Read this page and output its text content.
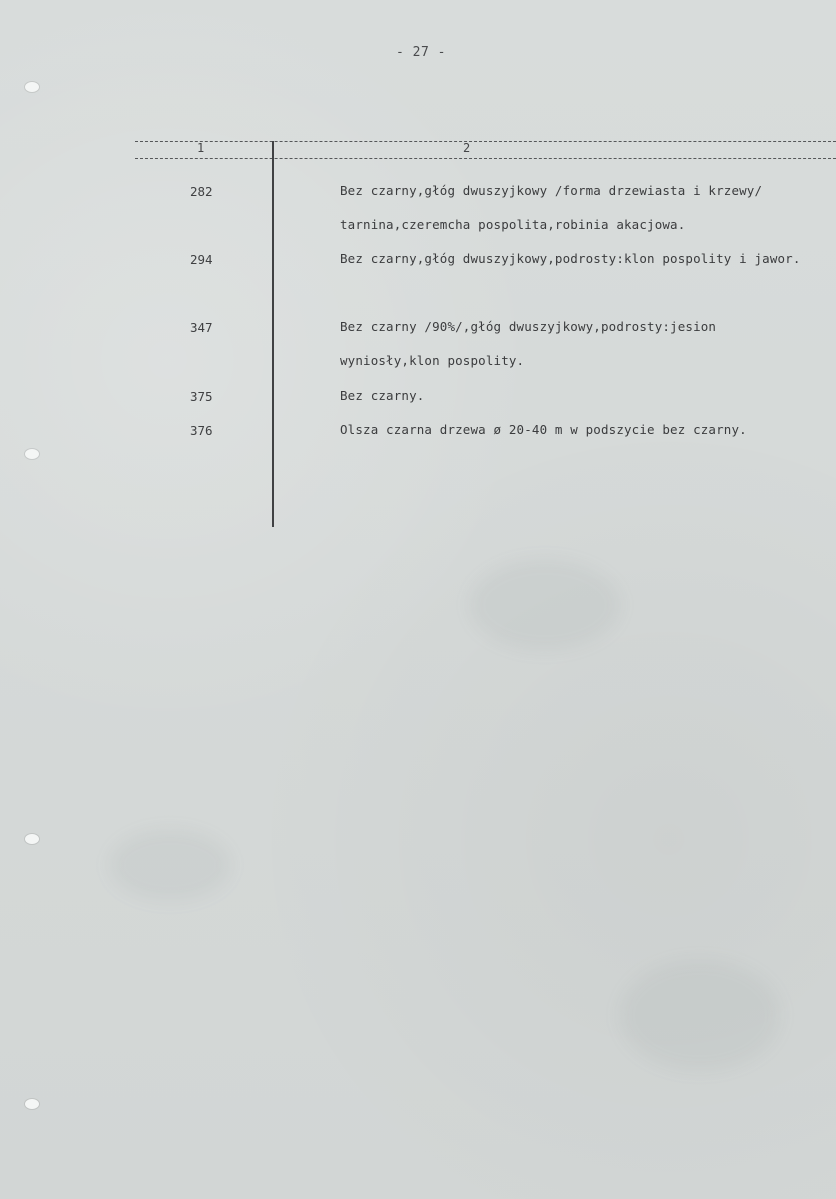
- 27 -
1	2
282	Bez czarny,głóg dwuszyjkowy /forma drzewiasta i krzewy/ tarnina,czeremcha pospolita,robinia akacjowa.
294	Bez czarny,głóg dwuszyjkowy,podrosty:klon pospolity i jawor.
347	Bez czarny /90%/,głóg dwuszyjkowy,podrosty:jesion wyniosły,klon pospolity.
375	Bez czarny.
376	Olsza czarna drzewa ø 20-40 m w podszycie bez czarny.
